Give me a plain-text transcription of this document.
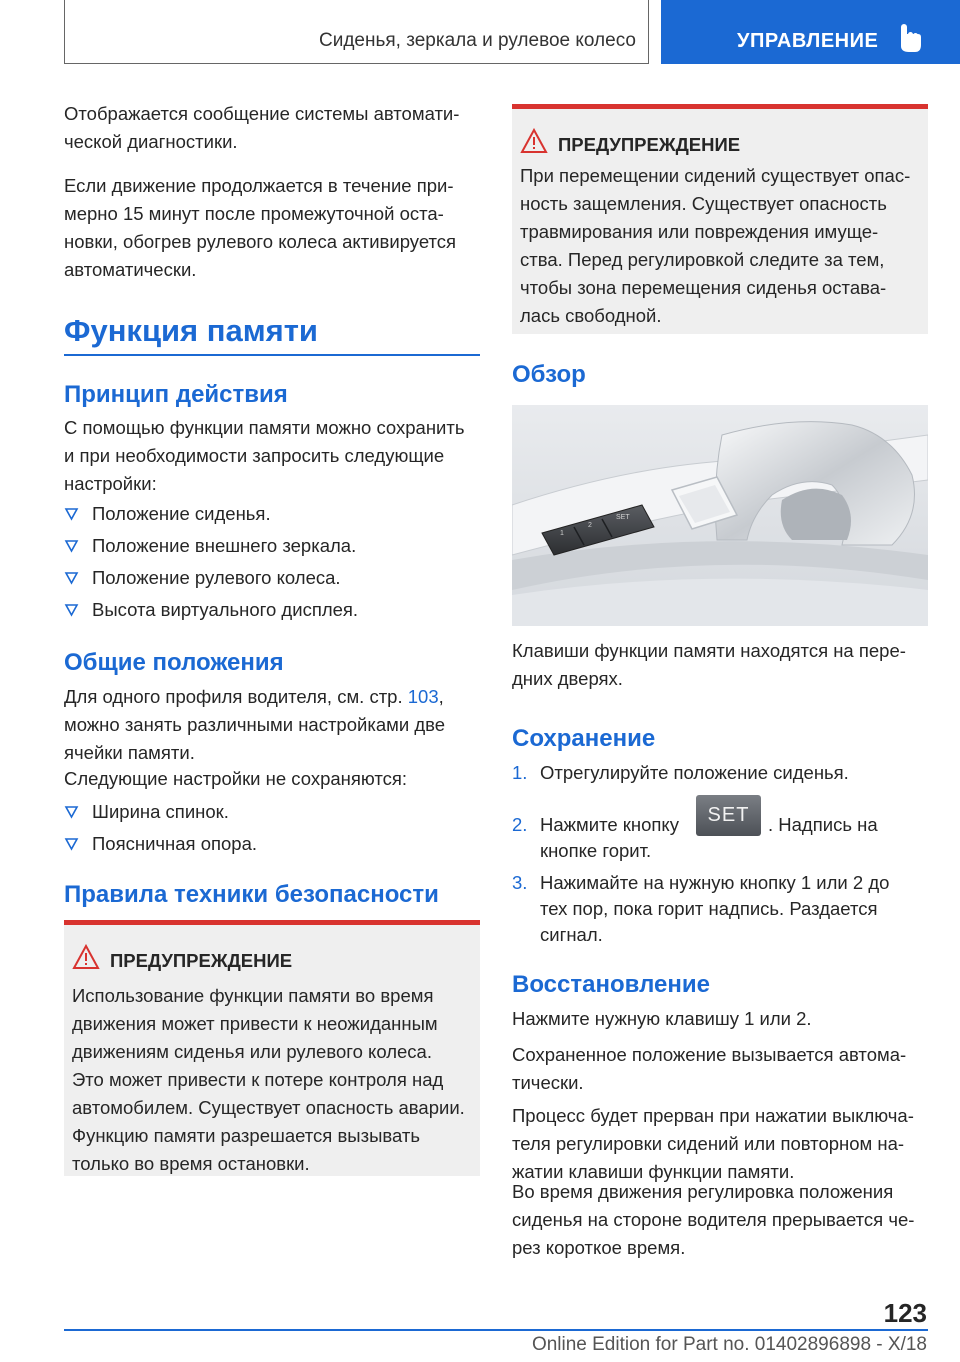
Сиденья, зеркала и рулевое колесо	УПРАВЛЕНИЕ
Отображается сообщение системы автомати-
ческой диагностики.
Если движение продолжается в течение при-
мерно 15 минут после промежуточной оста-
новки, обогрев рулевого колеса активируется
автоматически.
Функция памяти
Принцип действия
С помощью функции памяти можно сохранить
и при необходимости запросить следующие
настройки:
Положение сиденья.
Положение внешнего зеркала.
Положение рулевого колеса.
Высота виртуального дисплея.
Общие положения
Для одного профиля водителя, см. стр. 103,
можно занять различными настройками две
ячейки памяти.
Следующие настройки не сохраняются:
Ширина спинок.
Поясничная опора.
Правила техники безопасности
ПРЕДУПРЕЖДЕНИЕ
Использование функции памяти во время
движения может привести к неожиданным
движениям сиденья или рулевого колеса.
Это может привести к потере контроля над
автомобилем. Существует опасность аварии.
Функцию памяти разрешается вызывать
только во время остановки.
ПРЕДУПРЕЖДЕНИЕ
При перемещении сидений существует опас-
ность защемления. Существует опасность
травмирования или повреждения имуще-
ства. Перед регулировкой следите за тем,
чтобы зона перемещения сиденья остава-
лась свободной.
Обзор
1
2
SET
Клавиши функции памяти находятся на пере-
дних дверях.
Сохранение
1. Отрегулируйте положение сиденья.
2. Нажмите кнопку	. Надпись на
кнопке горит.
SET
3. Нажимайте на нужную кнопку 1 или 2 до
тех пор, пока горит надпись. Раздается
сигнал.
Восстановление
Нажмите нужную клавишу 1 или 2.
Сохраненное положение вызывается автома-
тически.
Процесс будет прерван при нажатии выключа-
теля регулировки сидений или повторном на-
жатии клавиши функции памяти.
Во время движения регулировка положения
сиденья на стороне водителя прерывается че-
рез короткое время.
123
Online Edition for Part no. 01402896898 - X/18
